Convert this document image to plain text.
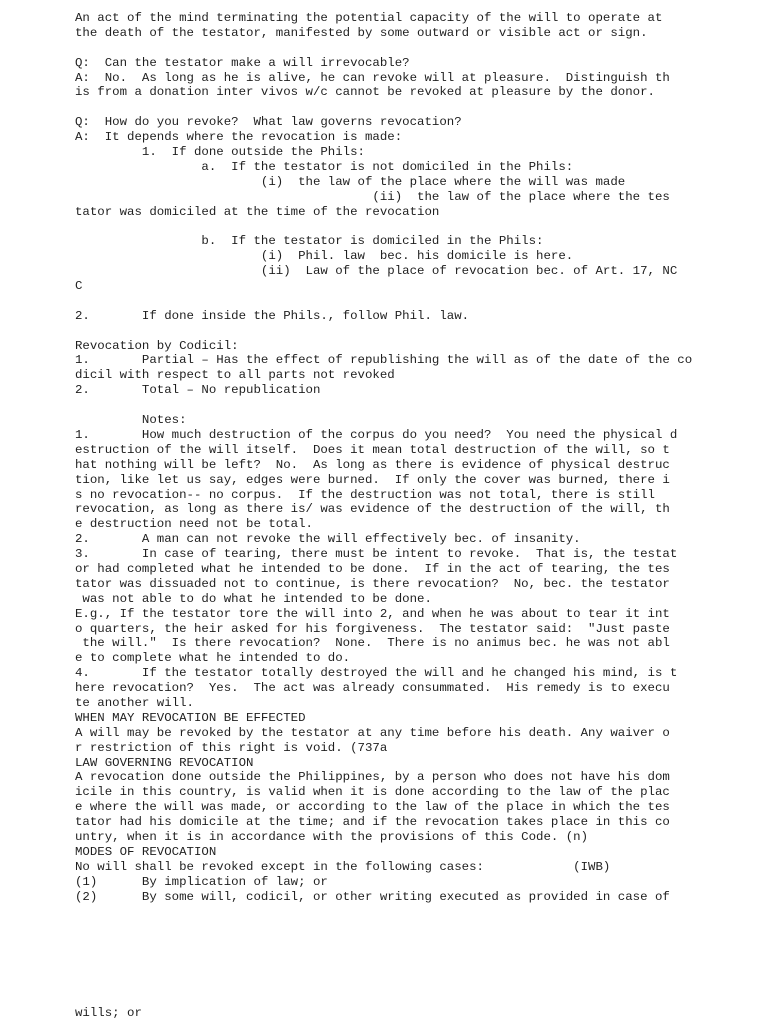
An act of the mind terminating the potential capacity of the will to operate at
the death of the testator, manifested by some outward or visible act or sign.
Q:  Can the testator make a will irrevocable?
A:  No.  As long as he is alive, he can revoke will at pleasure.  Distinguish th
is from a donation inter vivos w/c cannot be revoked at pleasure by the donor.
Q:  How do you revoke?  What law governs revocation?
A:  It depends where the revocation is made:
1.  If done outside the Phils:
a.  If the testator is not domiciled in the Phils:
(i)  the law of the place where the will was made
(ii)  the law of the place where the tes
tator was domiciled at the time of the revocation
b.  If the testator is domiciled in the Phils:
(i)  Phil. law  bec. his domicile is here.
(ii)  Law of the place of revocation bec. of Art. 17, NC
C
2.       If done inside the Phils., follow Phil. law.
Revocation by Codicil:
1.       Partial – Has the effect of republishing the will as of the date of the co
dicil with respect to all parts not revoked
2.       Total – No republication
Notes:
1.       How much destruction of the corpus do you need?  You need the physical d
estruction of the will itself.  Does it mean total destruction of the will, so t
hat nothing will be left?  No.  As long as there is evidence of physical destruc
tion, like let us say, edges were burned.  If only the cover was burned, there i
s no revocation-- no corpus.  If the destruction was not total, there is still
revocation, as long as there is/ was evidence of the destruction of the will, th
e destruction need not be total.
2.       A man can not revoke the will effectively bec. of insanity.
3.       In case of tearing, there must be intent to revoke.  That is, the testat
or had completed what he intended to be done.  If in the act of tearing, the tes
tator was dissuaded not to continue, is there revocation?  No, bec. the testator
was not able to do what he intended to be done.
E.g., If the testator tore the will into 2, and when he was about to tear it int
o quarters, the heir asked for his forgiveness.  The testator said:  "Just paste
the will."  Is there revocation?  None.  There is no animus bec. he was not abl
e to complete what he intended to do.
4.       If the testator totally destroyed the will and he changed his mind, is t
here revocation?  Yes.  The act was already consummated.  His remedy is to execu
te another will.
WHEN MAY REVOCATION BE EFFECTED
A will may be revoked by the testator at any time before his death. Any waiver o
r restriction of this right is void. (737a
LAW GOVERNING REVOCATION
A revocation done outside the Philippines, by a person who does not have his dom
icile in this country, is valid when it is done according to the law of the plac
e where the will was made, or according to the law of the place in which the tes
tator had his domicile at the time; and if the revocation takes place in this co
untry, when it is in accordance with the provisions of this Code. (n)
MODES OF REVOCATION
No will shall be revoked except in the following cases:            (IWB)
(1)      By implication of law; or
(2)      By some will, codicil, or other writing executed as provided in case of
wills; or
